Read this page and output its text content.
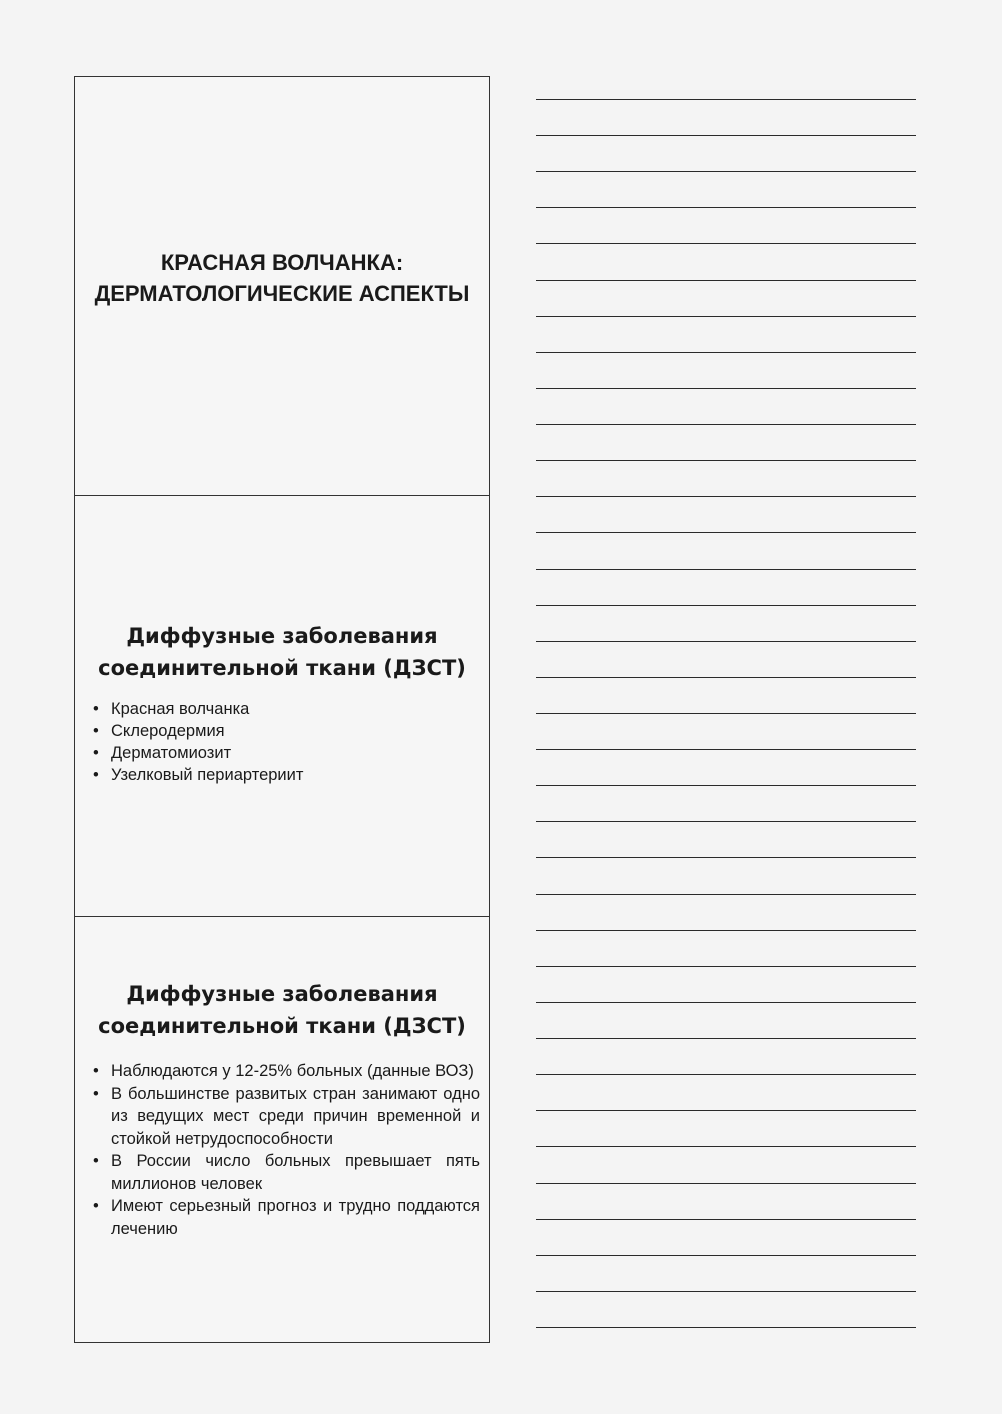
КРАСНАЯ ВОЛЧАНКА: ДЕРМАТОЛОГИЧЕСКИЕ АСПЕКТЫ
Диффузные заболевания соединительной ткани (ДЗСТ)
• Красная волчанка
• Склеродермия
• Дерматомиозит
• Узелковый периартериит
Диффузные заболевания соединительной ткани (ДЗСТ)
• Наблюдаются у 12-25% больных (данные ВОЗ)
• В большинстве развитых стран занимают одно из ведущих мест среди причин временной и стойкой нетрудоспособности
• В России число больных превышает пять миллионов человек
• Имеют серьезный прогноз и трудно поддаются лечению
